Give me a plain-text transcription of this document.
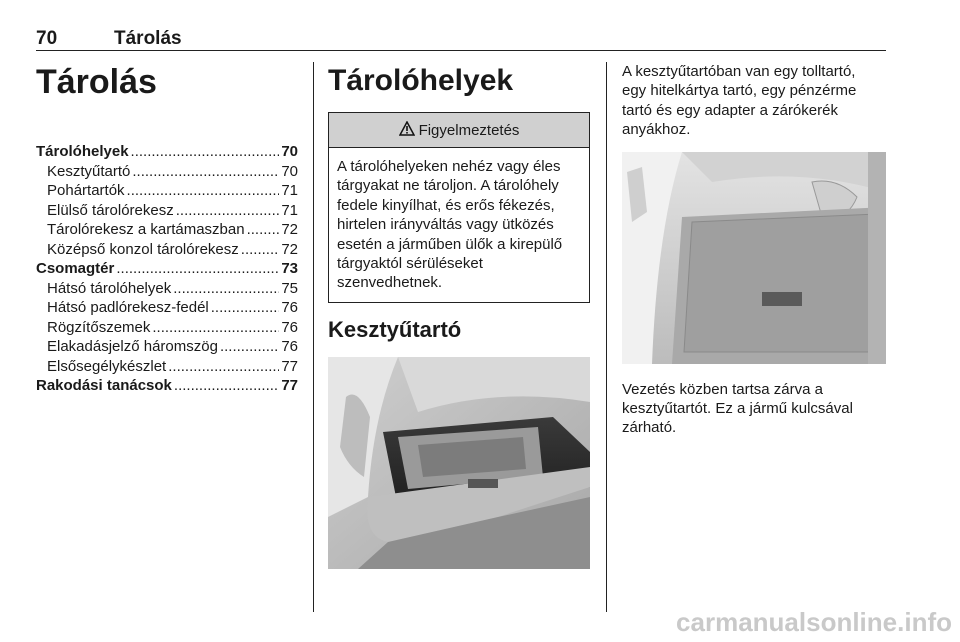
70	Tárolás
Tárolás
Tárolóhelyek .....	70
Kesztyűtartó .....	70
Pohártartók .....	71
Elülső tárolórekesz .....	71
Tárolórekesz a kartámaszban ..... 72
Középső konzol tárolórekesz .....	72
Csomagtér .....	73
Hátsó tárolóhelyek .....	75
Hátsó padlórekesz-fedél .....	76
Rögzítőszemek .....	76
Elakadásjelző háromszög .....	76
Elsősegélykészlet .....	77
Rakodási tanácsok .....	77
Tárolóhelyek
Figyelmeztetés
A tárolóhelyeken nehéz vagy éles
tárgyakat ne tároljon. A tárolóhely
fedele kinyílhat, és erős fékezés,
hirtelen irányváltás vagy ütközés
esetén a járműben ülők a kirepülő
tárgyaktól sérüléseket
szenvedhetnek.
Kesztyűtartó

A kesztyűtartóban van egy tolltartó,
egy hitelkártya tartó, egy pénzérme
tartó és egy adapter a zárókerék
anyákhoz.

Vezetés közben tartsa zárva a
kesztyűtartót. Ez a jármű kulcsával
zárható.

carmanualsonline.info
